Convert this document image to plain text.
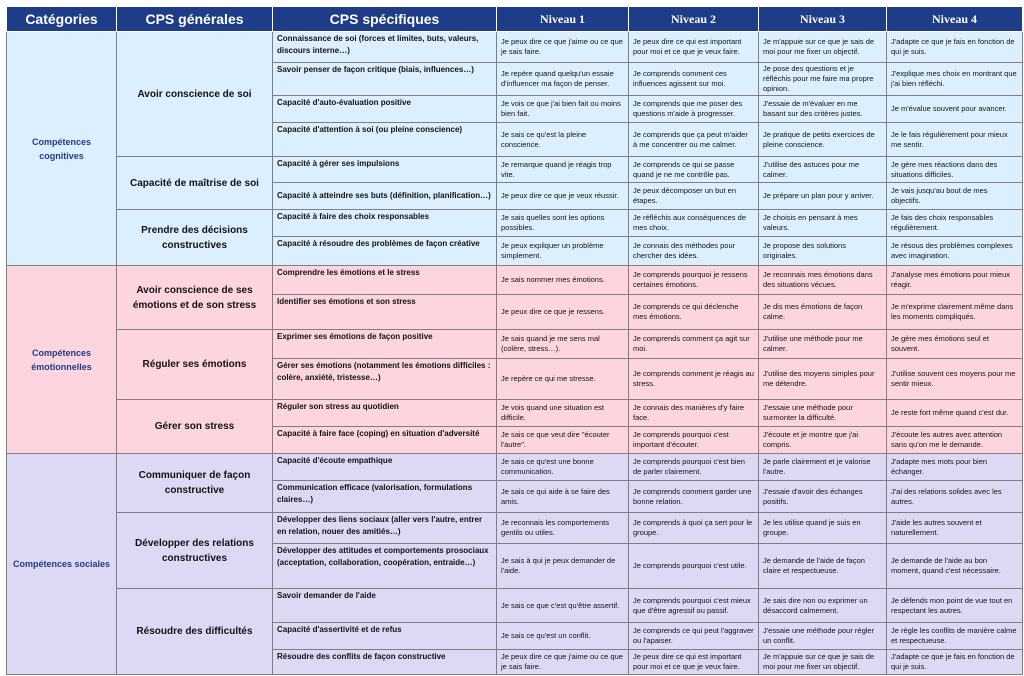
Catégories	CPS générales	CPS spécifiques	Niveau 1	Niveau 2	Niveau 3	Niveau 4
Compétences cognitives	Avoir conscience de soi	Connaissance de soi (forces et limites, buts, valeurs, discours interne…)	Je peux dire ce que j'aime ou ce que je sais faire.	Je peux dire ce qui est important pour moi et ce que je veux faire.	Je m'appuie sur ce que je sais de moi pour me fixer un objectif.	J'adapte ce que je fais en fonction de qui je suis.
		Savoir penser de façon critique (biais, influences…)	Je repère quand quelqu'un essaie d'influencer ma façon de penser.	Je comprends comment ces influences agissent sur moi.	Je pose des questions et je réfléchis pour me faire ma propre opinion.	J'explique mes choix en montrant que j'ai bien réfléchi.
		Capacité d'auto-évaluation positive	Je vois ce que j'ai bien fait ou moins bien fait.	Je comprends que me poser des questions m'aide à progresser.	J'essaie de m'évaluer en me basant sur des critères justes.	Je m'évalue souvent pour avancer.
		Capacité d'attention à soi (ou pleine conscience)	Je sais ce qu'est la pleine conscience.	Je comprends que ça peut m'aider à me concentrer ou me calmer.	Je pratique de petits exercices de pleine conscience.	Je le fais régulièrement pour mieux me sentir.
	Capacité de maîtrise de soi	Capacité à gérer ses impulsions	Je remarque quand je réagis trop vite.	Je comprends ce qui se passe quand je ne me contrôle pas.	J'utilise des astuces pour me calmer.	Je gère mes réactions dans des situations difficiles.
		Capacité à atteindre ses buts (définition, planification…)	Je peux dire ce que je veux réussir.	Je peux décomposer un but en étapes.	Je prépare un plan pour y arriver.	Je vais jusqu'au bout de mes objectifs.
	Prendre des décisions constructives	Capacité à faire des choix responsables	Je sais quelles sont les options possibles.	Je réfléchis aux conséquences de mes choix.	Je choisis en pensant à mes valeurs.	Je fais des choix responsables régulièrement.
		Capacité à résoudre des problèmes de façon créative	Je peux expliquer un problème simplement.	Je connais des méthodes pour chercher des idées.	Je propose des solutions originales.	Je résous des problèmes complexes avec imagination.
Compétences émotionnelles	Avoir conscience de ses émotions et de son stress	Comprendre les émotions et le stress	Je sais nommer mes émotions.	Je comprends pourquoi je ressens certaines émotions.	Je reconnais mes émotions dans des situations vécues.	J'analyse mes émotions pour mieux réagir.
		Identifier ses émotions et son stress	Je peux dire ce que je ressens.	Je comprends ce qui déclenche mes émotions.	Je dis mes émotions de façon calme.	Je m'exprime clairement même dans les moments compliqués.
	Réguler ses émotions	Exprimer ses émotions de façon positive	Je sais quand je me sens mal (colère, stress…).	Je comprends comment ça agit sur moi.	J'utilise une méthode pour me calmer.	Je gère mes émotions seul et souvent.
		Gérer ses émotions (notamment les émotions difficiles : colère, anxiété, tristesse…)	Je repère ce qui me stresse.	Je comprends comment je réagis au stress.	J'utilise des moyens simples pour me détendre.	J'utilise souvent ces moyens pour me sentir mieux.
	Gérer son stress	Réguler son stress au quotidien	Je vois quand une situation est difficile.	Je connais des manières d'y faire face.	J'essaie une méthode pour surmonter la difficulté.	Je reste fort même quand c'est dur.
		Capacité à faire face (coping) en situation d'adversité	Je sais ce que veut dire "écouter l'autre".	Je comprends pourquoi c'est important d'écouter.	J'écoute et je montre que j'ai compris.	J'écoute les autres avec attention sans qu'on me le demande.
Compétences sociales	Communiquer de façon constructive	Capacité d'écoute empathique	Je sais ce qu'est une bonne communication.	Je comprends pourquoi c'est bien de parler clairement.	Je parle clairement et je valorise l'autre.	J'adapte mes mots pour bien échanger.
		Communication efficace (valorisation, formulations claires…)	Je sais ce qui aide à se faire des amis.	Je comprends comment garder une bonne relation.	J'essaie d'avoir des échanges positifs.	J'ai des relations solides avec les autres.
	Développer des relations constructives	Développer des liens sociaux (aller vers l'autre, entrer en relation, nouer des amitiés…)	Je reconnais les comportements gentils ou utiles.	Je comprends à quoi ça sert pour le groupe.	Je les utilise quand je suis en groupe.	J'aide les autres souvent et naturellement.
		Développer des attitudes et comportements prosociaux (acceptation, collaboration, coopération, entraide…)	Je sais à qui je peux demander de l'aide.	Je comprends pourquoi c'est utile.	Je demande de l'aide de façon claire et respectueuse.	Je demande de l'aide au bon moment, quand c'est nécessaire.
	Résoudre des difficultés	Savoir demander de l'aide	Je sais ce que c'est qu'être assertif.	Je comprends pourquoi c'est mieux que d'être agressif ou passif.	Je sais dire non ou exprimer un désaccord calmement.	Je défends mon point de vue tout en respectant les autres.
		Capacité d'assertivité et de refus	Je sais ce qu'est un conflit.	Je comprends ce qui peut l'aggraver ou l'apaiser.	J'essaie une méthode pour régler un conflit.	Je règle les conflits de manière calme et respectueuse.
		Résoudre des conflits de façon constructive	Je peux dire ce que j'aime ou ce que je sais faire.	Je peux dire ce qui est important pour moi et ce que je veux faire.	Je m'appuie sur ce que je sais de moi pour me fixer un objectif.	J'adapte ce que je fais en fonction de qui je suis.
